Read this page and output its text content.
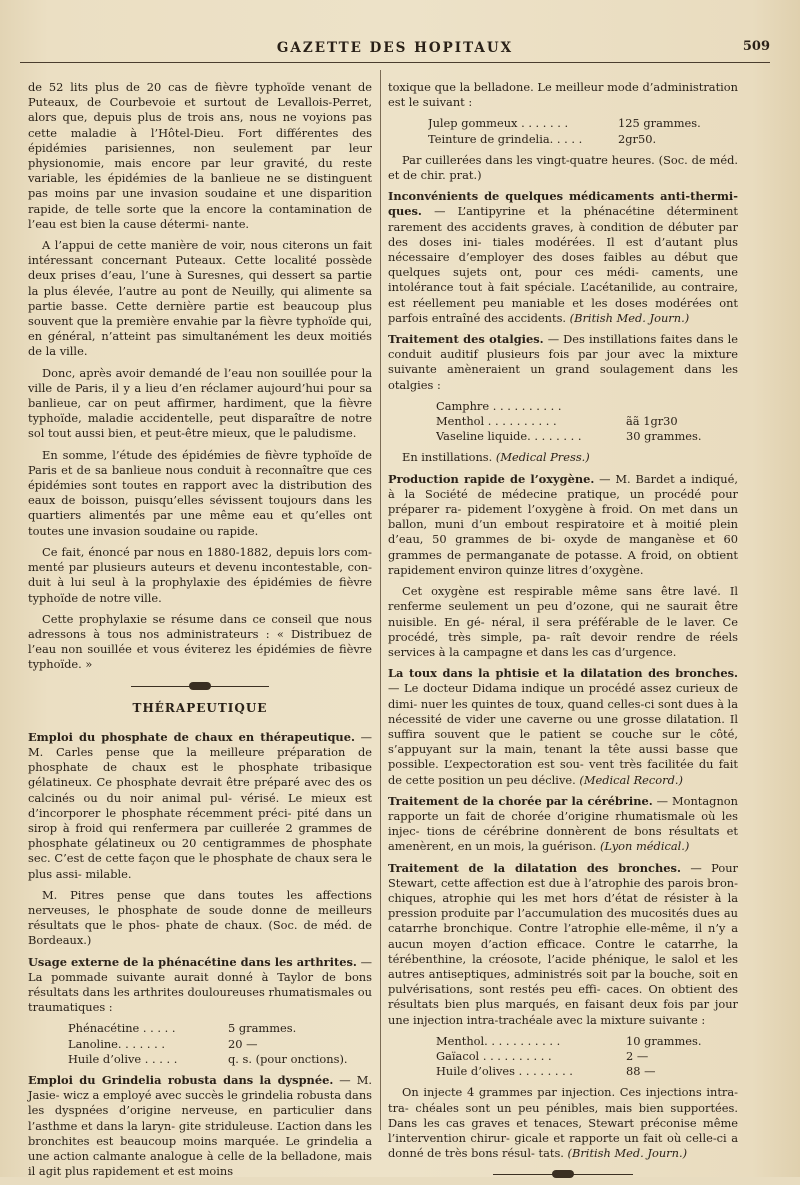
GAZETTE DES HOPITAUX	509

de 52 lits plus de 20 cas de fièvre typhoïde venant de Puteaux, de Courbevoie et surtout de Levallois-Perret, alors que, depuis plus de trois ans, nous ne voyions pas cette maladie à l’Hôtel-Dieu. Fort différentes des épidémies parisiennes, non seulement par leur physionomie, mais encore par leur gravité, du reste variable, les épidémies de la banlieue ne se distinguent pas moins par une invasion soudaine et une disparition rapide, de telle sorte que la encore la contamination de l’eau est bien la cause détermi- nante.

A l’appui de cette manière de voir, nous citerons un fait intéressant concernant Puteaux. Cette localité possède deux prises d’eau, l’une à Suresnes, qui dessert sa partie la plus élevée, l’autre au pont de Neuilly, qui alimente sa partie basse. Cette dernière partie est beaucoup plus souvent que la première envahie par la fièvre typhoïde qui, en général, n’atteint pas simultanément les deux moitiés de la ville.

Donc, après avoir demandé de l’eau non souillée pour la ville de Paris, il y a lieu d’en réclamer aujourd’hui pour sa banlieue, car on peut affirmer, hardiment, que la fièvre typhoïde, maladie accidentelle, peut disparaître de notre sol tout aussi bien, et peut-être mieux, que le paludisme.

En somme, l’étude des épidémies de fièvre typhoïde de Paris et de sa banlieue nous conduit à reconnaître que ces épidémies sont toutes en rapport avec la distribution des eaux de boisson, puisqu’elles sévissent toujours dans les quartiers alimentés par une même eau et qu’elles ont toutes une invasion soudaine ou rapide.

Ce fait, énoncé par nous en 1880-1882, depuis lors com- menté par plusieurs auteurs et devenu incontestable, con- duit à lui seul à la prophylaxie des épidémies de fièvre typhoïde de notre ville.

Cette prophylaxie se résume dans ce conseil que nous adressons à tous nos administrateurs : « Distribuez de l’eau non souillée et vous éviterez les épidémies de fièvre typhoïde. »

THÉRAPEUTIQUE

Emploi du phosphate de chaux en thérapeutique. — M. Carles pense que la meilleure préparation de phosphate de chaux est le phosphate tribasique gélatineux. Ce phosphate devrait être préparé avec des os calcinés ou du noir animal pul- vérisé. Le mieux est d’incorporer le phosphate récemment préci- pité dans un sirop à froid qui renfermera par cuillerée 2 grammes de phosphate gélatineux ou 20 centigrammes de phosphate sec. C’est de cette façon que le phosphate de chaux sera le plus assi- milable.

M. Pitres pense que dans toutes les affections nerveuses, le phosphate de soude donne de meilleurs résultats que le phos- phate de chaux. (Soc. de méd. de Bordeaux.)

Usage externe de la phénacétine dans les arthrites. — La pommade suivante aurait donné à Taylor de bons résultats dans les arthrites douloureuses rhumatismales ou traumatiques :

Phénacétine . . . . .	5 grammes.
Lanoline. . . . . . .	20 —
Huile d’olive . . . . .	q. s. (pour onctions).

Emploi du Grindelia robusta dans la dyspnée. — M. Jasie- wicz a employé avec succès le grindelia robusta dans les dyspnées d’origine nerveuse, en particulier dans l’asthme et dans la laryn- gite striduleuse. L’action dans les bronchites est beaucoup moins marquée. Le grindelia a une action calmante analogue à celle de la belladone, mais il agit plus rapidement et est moins

toxique que la belladone. Le meilleur mode d’administration est le suivant :

Julep gommeux . . . . . . .	125 grammes.
Teinture de grindelia. . . . .	2gr50.

Par cuillerées dans les vingt-quatre heures. (Soc. de méd. et de chir. prat.)

Inconvénients de quelques médicaments anti-thermi- ques. — L’antipyrine et la phénacétine déterminent rarement des accidents graves, à condition de débuter par des doses ini- tiales modérées. Il est d’autant plus nécessaire d’employer des doses faibles au début que quelques sujets ont, pour ces médi- caments, une intolérance tout à fait spéciale. L’acétanilide, au contraire, est réellement peu maniable et les doses modérées ont parfois entraîné des accidents. (British Med. Journ.)

Traitement des otalgies. — Des instillations faites dans le conduit auditif plusieurs fois par jour avec la mixture suivante amèneraient un grand soulagement dans les otalgies :

Camphre . . . . . . . . . .
Menthol . . . . . . . . . .	ãã 1gr30
Vaseline liquide. . . . . . . .	30 grammes.

En instillations. (Medical Press.)

Production rapide de l’oxygène. — M. Bardet a indiqué, à la Société de médecine pratique, un procédé pour préparer ra- pidement l’oxygène à froid. On met dans un ballon, muni d’un embout respiratoire et à moitié plein d’eau, 50 grammes de bi- oxyde de manganèse et 60 grammes de permanganate de potasse. A froid, on obtient rapidement environ quinze litres d’oxygène.

Cet oxygène est respirable même sans être lavé. Il renferme seulement un peu d’ozone, qui ne saurait être nuisible. En gé- néral, il sera préférable de le laver. Ce procédé, très simple, pa- raît devoir rendre de réels services à la campagne et dans les cas d’urgence.

La toux dans la phtisie et la dilatation des bronches. — Le docteur Didama indique un procédé assez curieux de dimi- nuer les quintes de toux, quand celles-ci sont dues à la nécessité de vider une caverne ou une grosse dilatation. Il suffira souvent que le patient se couche sur le côté, s’appuyant sur la main, tenant la tête aussi basse que possible. L’expectoration est sou- vent très facilitée du fait de cette position un peu déclive. (Medical Record.)

Traitement de la chorée par la cérébrine. — Montagnon rapporte un fait de chorée d’origine rhumatismale où les injec- tions de cérébrine donnèrent de bons résultats et amenèrent, en un mois, la guérison. (Lyon médical.)

Traitement de la dilatation des bronches. — Pour Stewart, cette affection est due à l’atrophie des parois bron- chiques, atrophie qui les met hors d’état de résister à la pression produite par l’accumulation des mucosités dues au catarrhe bronchique. Contre l’atrophie elle-même, il n’y a aucun moyen d’action efficace. Contre le catarrhe, la térébenthine, la créosote, l’acide phénique, le salol et les autres antiseptiques, administrés soit par la bouche, soit en pulvérisations, sont restés peu effi- caces. On obtient des résultats bien plus marqués, en faisant deux fois par jour une injection intra-trachéale avec la mixture suivante :

Menthol. . . . . . . . . . .	10 grammes.
Gaïacol . . . . . . . . . .	2 —
Huile d’olives . . . . . . . .	88 —

On injecte 4 grammes par injection. Ces injections intra-tra- chéales sont un peu pénibles, mais bien supportées. Dans les cas graves et tenaces, Stewart préconise même l’intervention chirur- gicale et rapporte un fait où celle-ci a donné de très bons résul- tats. (British Med. Journ.)
